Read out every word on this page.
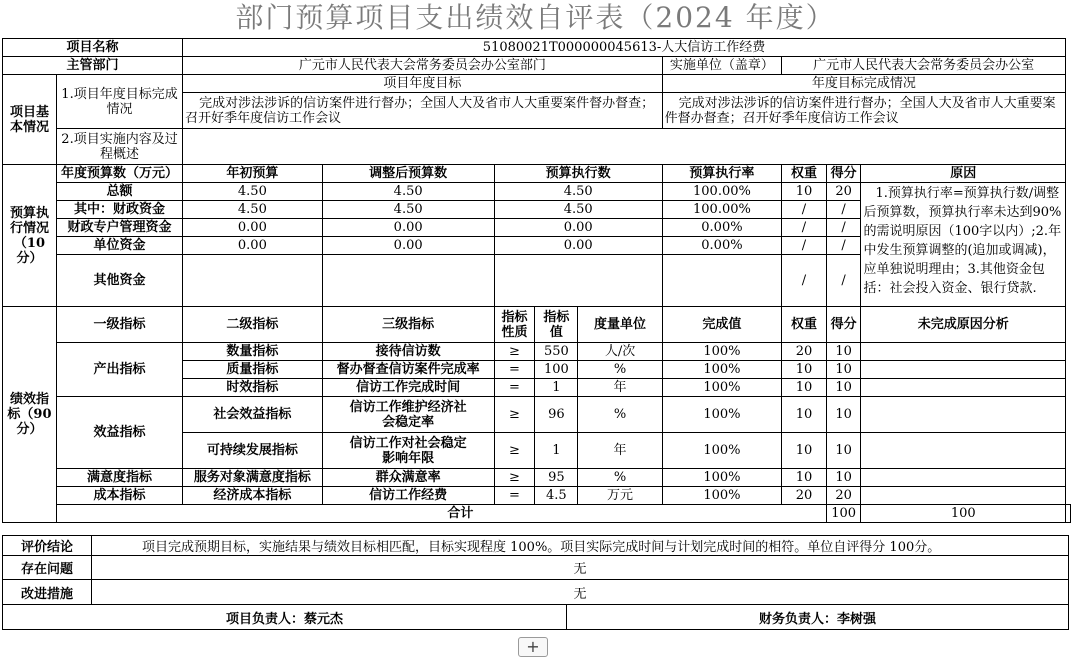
部门预算项目支出绩效自评表（2024 年度）
项目名称		51080021T000000045613-人大信访工作经费									
主管部门		广元市人民代表大会常务委员会办公室部门					实施单位（盖章）	广元市人民代表大会常务委员会办公室			
项目基本情况	1.项目年度目标完成情况	项目年度目标					年度目标完成情况				
		完成对涉法涉诉的信访案件进行督办；全国人大及省市人大重要案件督办督查；召开好季年度信访工作会议					完成对涉法涉诉的信访案件进行督办；全国人大及省市人大重要案件督办督查；召开好季年度信访工作会议				
	2.项目实施内容及过程概述										

预算执行情况（10分）	年度预算数（万元）	年初预算	调整后预算数	预算执行数			预算执行率	权重	得分	原因	
	总额	4.50	4.50	4.50			100.00%	10	20	1.预算执行率=预算执行数/调整后预算数，预算执行率未达到90%的需说明原因（100字以内）;2.年中发生预算调整的(追加或调减)，应单独说明理由；3.其他资金包括：社会投入资金、银行贷款.	
	其中：财政资金	4.50	4.50	4.50			100.00%	/	/		
	财政专户管理资金	0.00	0.00	0.00			0.00%	/	/		
	单位资金	0.00	0.00	0.00			0.00%	/	/		
	其他资金							/	/		
绩效指标（90分）	一级指标	二级指标	三级指标	指标性质	指标值	度量单位	完成值	权重	得分	未完成原因分析	
	产出指标	数量指标	接待信访数	≥	550	人/次	100%	20	10		
		质量指标	督办督查信访案件完成率	=	100	%	100%	10	10		
		时效指标	信访工作完成时间	=	1	年	100%	10	10		
	效益指标	社会效益指标	信访工作维护经济社会稳定率	≥	96	%	100%	10	10		
		可持续发展指标	信访工作对社会稳定影响年限	≥	1	年	100%	10	10		
	满意度指标	服务对象满意度指标	群众满意率	≥	95	%	100%	10	10		
	成本指标	经济成本指标	信访工作经费	=	4.5	万元	100%	20	20		
	合计								100	100	
评价结论	项目完成预期目标，实施结果与绩效目标相匹配，目标实现程度 100%。项目实际完成时间与计划完成时间的相符。单位自评得分 100分。	
存在问题	无	
改进措施	无	
项目负责人：蔡元杰		财务负责人：李树强
+
